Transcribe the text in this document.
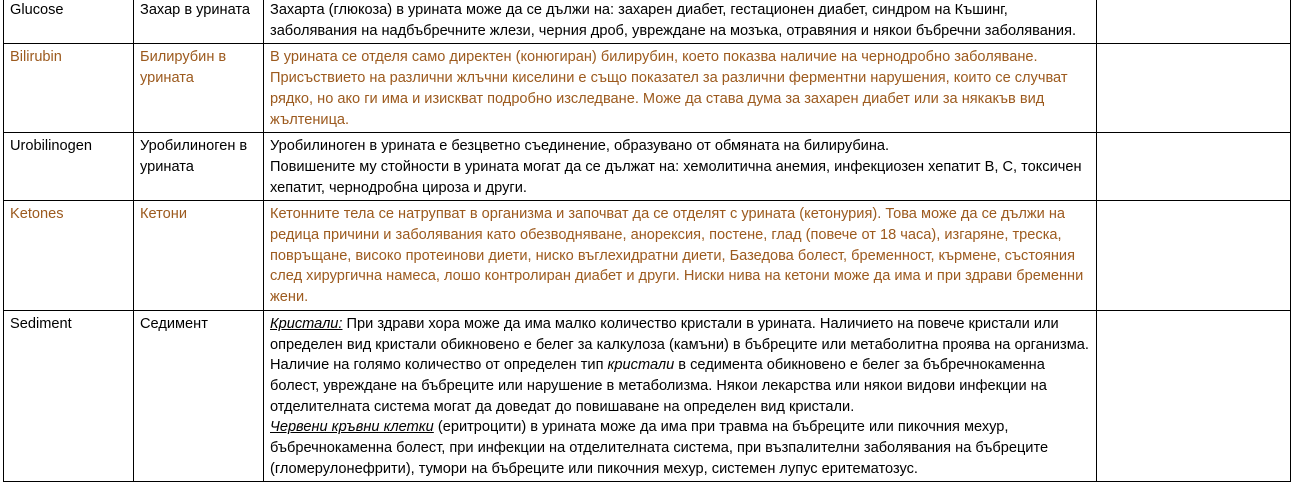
Glucose	Захар в урината	Захарта (глюкоза) в урината може да се дължи на: захарен диабет, гестационен диабет, синдром на Къшинг, заболявания на надбъбречните жлези, черния дроб, увреждане на мозъка, отравяния и някои бъбречни заболявания.	
Bilirubin	Билирубин в урината	В урината се отделя само директен (конюгиран) билирубин, което показва наличие на чернодробно заболяване. Присъствието на различни жлъчни киселини е също показател за различни ферментни нарушения, които се случват рядко, но ако ги има и изискват подробно изследване. Може да става дума за захарен диабет или за някакъв вид жълтеница.	
Urobilinogen	Уробилиноген в урината	Уробилиноген в урината е безцветно съединение, образувано от обмяната на билирубина.
Повишените му стойности в урината могат да се дължат на: хемолитична анемия, инфекциозен хепатит В, С, токсичен хепатит, чернодробна цироза и други.	

Ketones	Кетони	Кетонните тела се натрупват в организма и започват да се отделят с урината (кетонурия). Това може да се дължи на редица причини и заболявания като обезводняване, анорексия, постене, глад (повече от 18 часа), изгаряне, треска, повръщане, високо протеинови диети, ниско въглехидратни диети, Базедова болест, бременност, кърмене, състояния след хирургична намеса, лошо контролиран диабет и други. Ниски нива на кетони може да има и при здрави бременни жени.	
Sediment	Седимент	Кристали: При здрави хора може да има малко количество кристали в урината. Наличието на повече кристали или определен вид кристали обикновено е белег за калкулоза (камъни) в бъбреците или метаболитна проява на организма. Наличие на голямо количество от определен тип кристали в седимента обикновено е белег за бъбречнокаменна болест, увреждане на бъбреците или нарушение в метаболизма. Някои лекарства или някои видови инфекции на отделителната система могат да доведат до повишаване на определен вид кристали.
Червени кръвни клетки (еритроцити) в урината може да има при травма на бъбреците или пикочния мехур, бъбречнокаменна болест, при инфекции на отделителната система, при възпалителни заболявания на бъбреците (гломерулонефрити), тумори на бъбреците или пикочния мехур, системен лупус еритематозус.	
